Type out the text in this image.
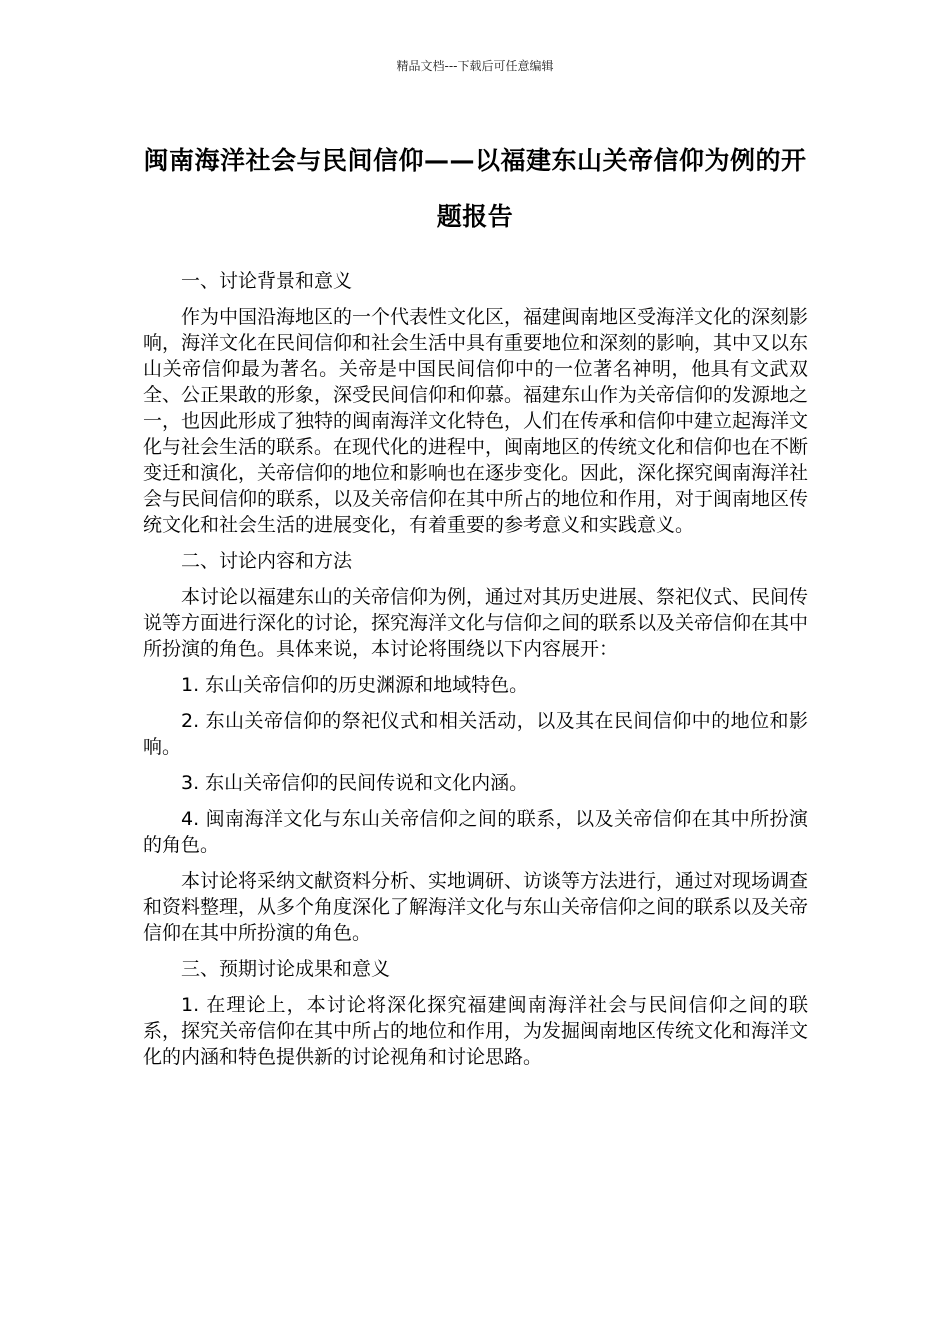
精品文档---下载后可任意编辑
闽南海洋社会与民间信仰——以福建东山关帝信仰为例的开题报告

一、讨论背景和意义

作为中国沿海地区的一个代表性文化区，福建闽南地区受海洋文化的深刻影响，海洋文化在民间信仰和社会生活中具有重要地位和深刻的影响，其中又以东山关帝信仰最为著名。关帝是中国民间信仰中的一位著名神明，他具有文武双全、公正果敢的形象，深受民间信仰和仰慕。福建东山作为关帝信仰的发源地之一，也因此形成了独特的闽南海洋文化特色，人们在传承和信仰中建立起海洋文化与社会生活的联系。在现代化的进程中，闽南地区的传统文化和信仰也在不断变迁和演化，关帝信仰的地位和影响也在逐步变化。因此，深化探究闽南海洋社会与民间信仰的联系，以及关帝信仰在其中所占的地位和作用，对于闽南地区传统文化和社会生活的进展变化，有着重要的参考意义和实践意义。

二、讨论内容和方法

本讨论以福建东山的关帝信仰为例，通过对其历史进展、祭祀仪式、民间传说等方面进行深化的讨论，探究海洋文化与信仰之间的联系以及关帝信仰在其中所扮演的角色。具体来说，本讨论将围绕以下内容展开：

1. 东山关帝信仰的历史渊源和地域特色。

2. 东山关帝信仰的祭祀仪式和相关活动，以及其在民间信仰中的地位和影响。

3. 东山关帝信仰的民间传说和文化内涵。

4. 闽南海洋文化与东山关帝信仰之间的联系，以及关帝信仰在其中所扮演的角色。

本讨论将采纳文献资料分析、实地调研、访谈等方法进行，通过对现场调查和资料整理，从多个角度深化了解海洋文化与东山关帝信仰之间的联系以及关帝信仰在其中所扮演的角色。

三、预期讨论成果和意义

1. 在理论上，本讨论将深化探究福建闽南海洋社会与民间信仰之间的联系，探究关帝信仰在其中所占的地位和作用，为发掘闽南地区传统文化和海洋文化的内涵和特色提供新的讨论视角和讨论思路。
